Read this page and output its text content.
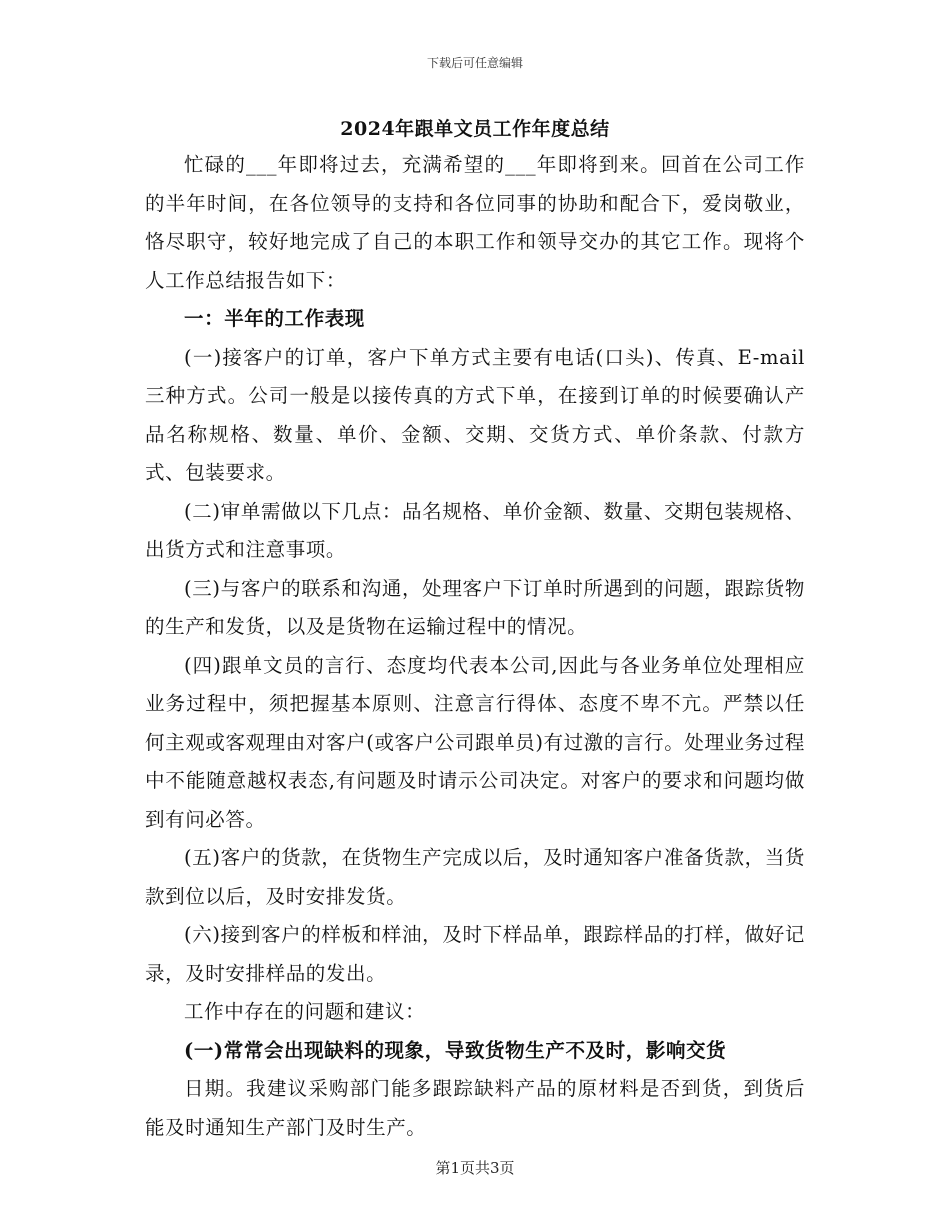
下载后可任意编辑
2024年跟单文员工作年度总结

忙碌的___年即将过去，充满希望的___年即将到来。回首在公司工作的半年时间，在各位领导的支持和各位同事的协助和配合下，爱岗敬业，恪尽职守，较好地完成了自己的本职工作和领导交办的其它工作。现将个人工作总结报告如下：

一：半年的工作表现

(一)接客户的订单，客户下单方式主要有电话(口头)、传真、E-mail三种方式。公司一般是以接传真的方式下单，在接到订单的时候要确认产品名称规格、数量、单价、金额、交期、交货方式、单价条款、付款方式、包装要求。

(二)审单需做以下几点：品名规格、单价金额、数量、交期包装规格、出货方式和注意事项。

(三)与客户的联系和沟通，处理客户下订单时所遇到的问题，跟踪货物的生产和发货，以及是货物在运输过程中的情况。

(四)跟单文员的言行、态度均代表本公司,因此与各业务单位处理相应业务过程中，须把握基本原则、注意言行得体、态度不卑不亢。严禁以任何主观或客观理由对客户(或客户公司跟单员)有过激的言行。处理业务过程中不能随意越权表态,有问题及时请示公司决定。对客户的要求和问题均做到有问必答。

(五)客户的货款，在货物生产完成以后，及时通知客户准备货款，当货款到位以后，及时安排发货。

(六)接到客户的样板和样油，及时下样品单，跟踪样品的打样，做好记录，及时安排样品的发出。

工作中存在的问题和建议：

(一)常常会出现缺料的现象，导致货物生产不及时，影响交货

日期。我建议采购部门能多跟踪缺料产品的原材料是否到货，到货后能及时通知生产部门及时生产。

第1页共3页
